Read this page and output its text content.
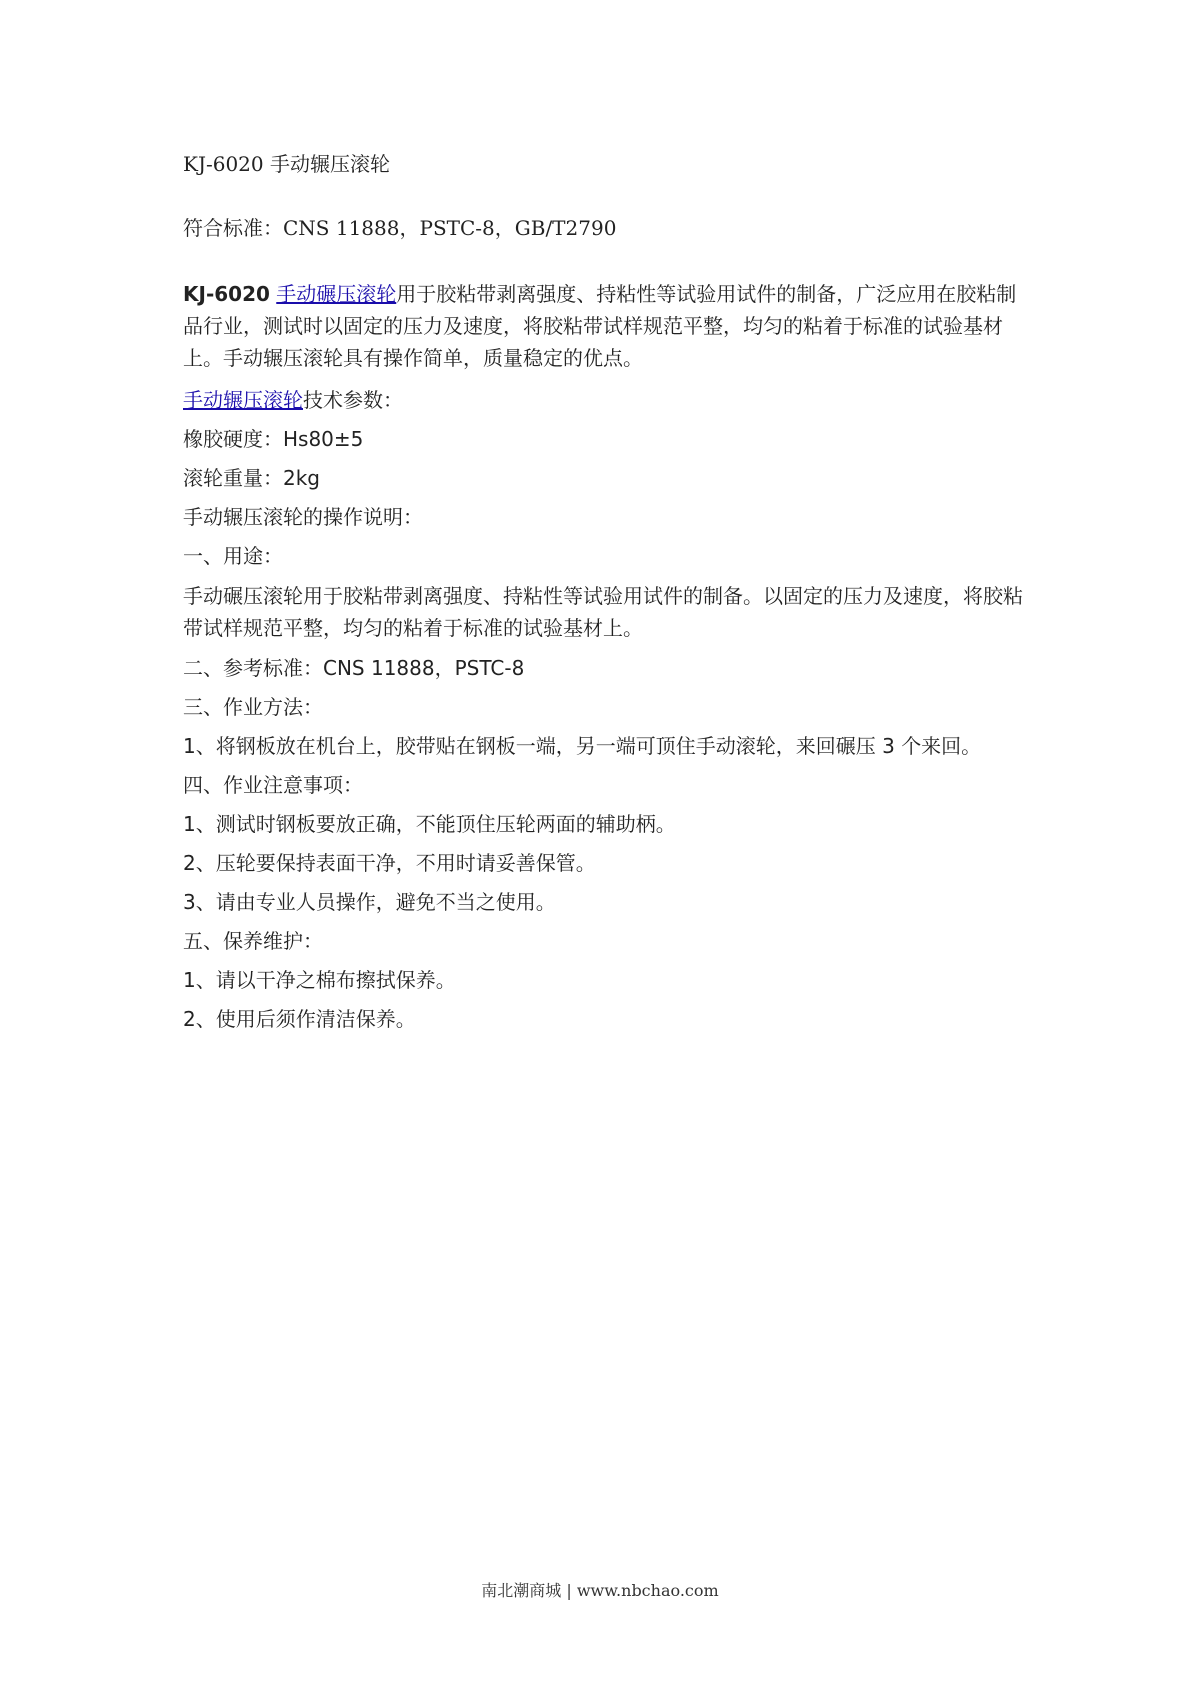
KJ-6020 手动辗压滚轮
符合标准：CNS 11888，PSTC-8，GB/T2790
KJ-6020 手动碾压滚轮用于胶粘带剥离强度、持粘性等试验用试件的制备，广泛应用在胶粘制品行业，测试时以固定的压力及速度，将胶粘带试样规范平整，均匀的粘着于标准的试验基材上。手动辗压滚轮具有操作简单，质量稳定的优点。
手动辗压滚轮技术参数：
橡胶硬度：Hs80±5
滚轮重量：2kg
手动辗压滚轮的操作说明：
一、用途：
手动碾压滚轮用于胶粘带剥离强度、持粘性等试验用试件的制备。以固定的压力及速度，将胶粘带试样规范平整，均匀的粘着于标准的试验基材上。
二、参考标准：CNS 11888，PSTC-8
三、作业方法：
1、将钢板放在机台上，胶带贴在钢板一端，另一端可顶住手动滚轮，来回碾压 3 个来回。
四、作业注意事项：
1、测试时钢板要放正确，不能顶住压轮两面的辅助柄。
2、压轮要保持表面干净，不用时请妥善保管。
3、请由专业人员操作，避免不当之使用。
五、保养维护：
1、请以干净之棉布擦拭保养。
2、使用后须作清洁保养。
南北潮商城 | www.nbchao.com
